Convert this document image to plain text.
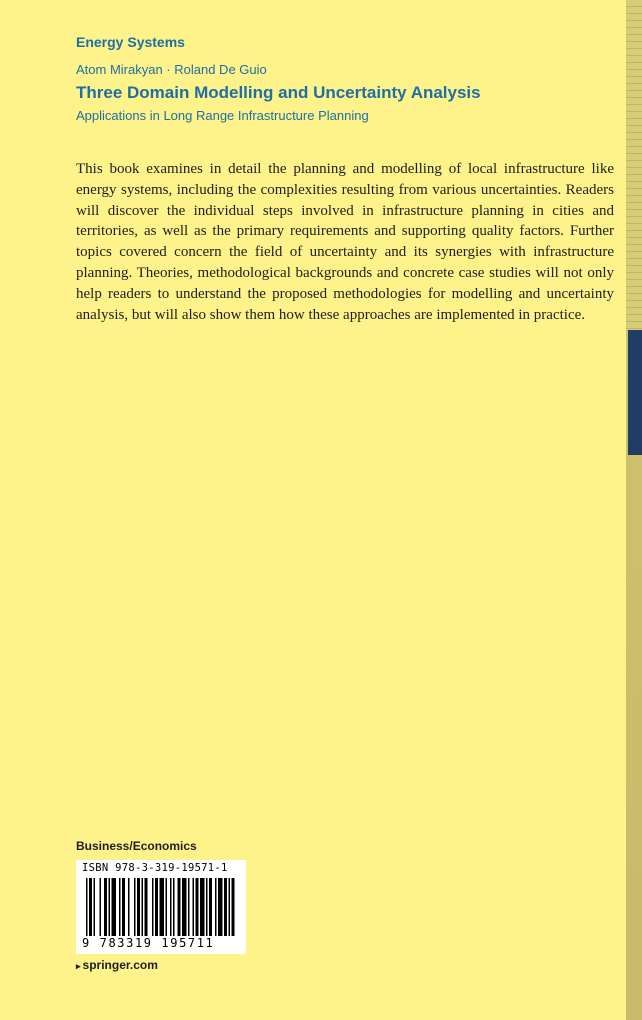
Energy Systems
Atom Mirakyan · Roland De Guio
Three Domain Modelling and Uncertainty Analysis
Applications in Long Range Infrastructure Planning

This book examines in detail the planning and modelling of local infrastructure like energy systems, including the complexities resulting from various uncertainties. Readers will discover the individual steps involved in infrastructure planning in cities and territories, as well as the primary requirements and supporting quality factors. Further topics covered concern the field of uncertainty and its synergies with infrastructure planning. Theories, methodological backgrounds and concrete case studies will not only help readers to understand the proposed methodologies for modelling and uncertainty analysis, but will also show them how these approaches are implemented in practice.

Business/Economics
ISBN 978-3-319-19571-1
9 783319 195711
▸ springer.com
